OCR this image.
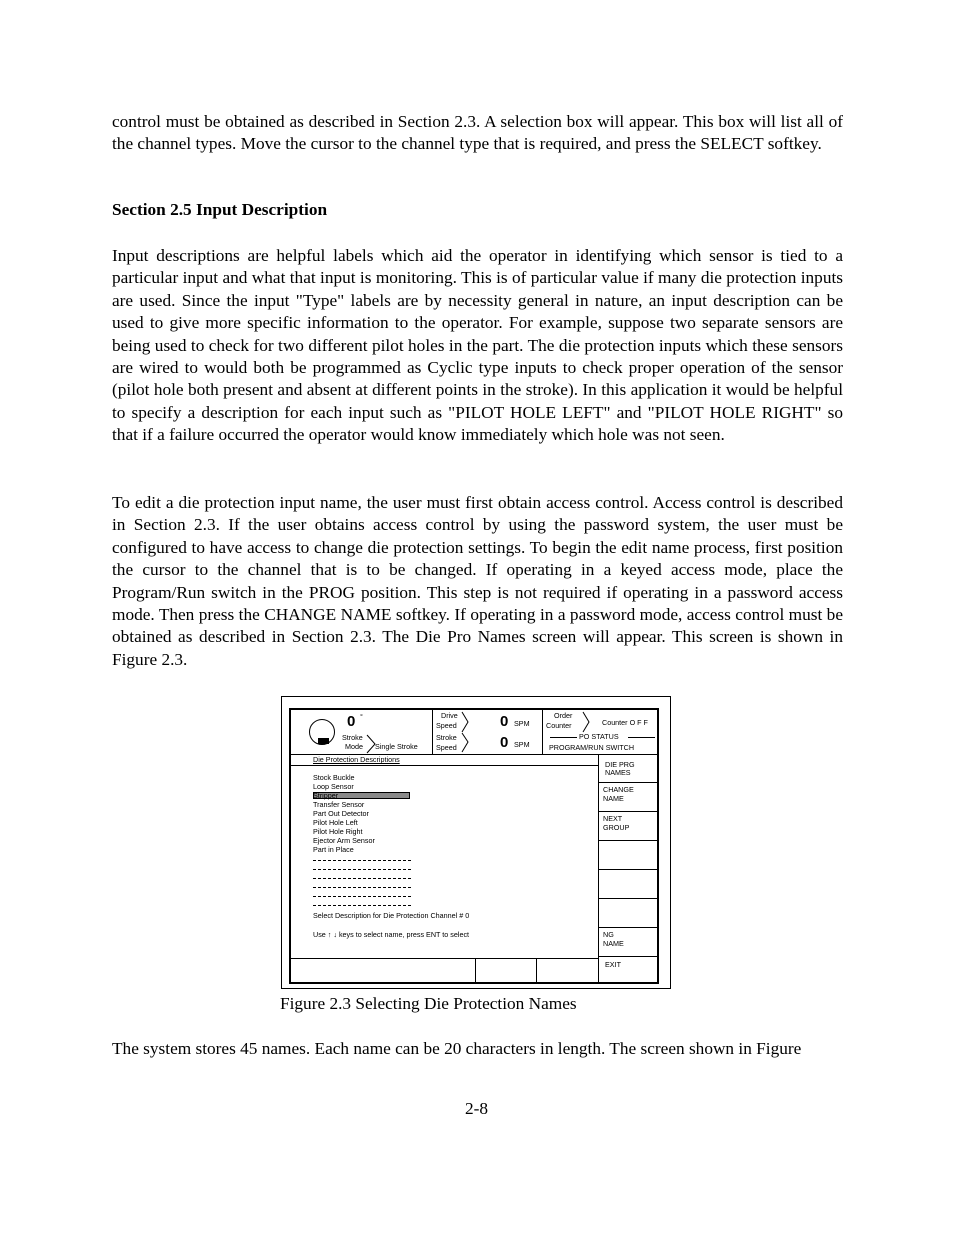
control must be obtained as described in Section 2.3. A selection box will appear. This box will list all of the channel types. Move the cursor to the channel type that is required, and press the SELECT softkey.

Section 2.5 Input Description

Input descriptions are helpful labels which aid the operator in identifying which sensor is tied to a particular input and what that input is monitoring. This is of particular value if many die protection inputs are used. Since the input "Type" labels are by necessity general in nature, an input description can be used to give more specific information to the operator. For example, suppose two separate sensors are being used to check for two different pilot holes in the part. The die protection inputs which these sensors are wired to would both be programmed as Cyclic type inputs to check proper operation of the sensor (pilot hole both present and absent at different points in the stroke). In this application it would be helpful to specify a description for each input such as "PILOT HOLE LEFT" and "PILOT HOLE RIGHT" so that if a failure occurred the operator would know immediately which hole was not seen.

To edit a die protection input name, the user must first obtain access control. Access control is described in Section 2.3. If the user obtains access control by using the password system, the user must be configured to have access to change die protection settings. To begin the edit name process, first position the cursor to the channel that is to be changed. If operating in a keyed access mode, place the Program/Run switch in the PROG position. This step is not required if operating in a password access mode. Then press the CHANGE NAME softkey. If operating in a password mode, access control must be obtained as described in Section 2.3. The Die Pro Names screen will appear. This screen is shown in Figure 2.3.

0 °
Stroke
Mode Single Stroke
Drive
Speed
Stroke
Speed
0 SPM
0 SPM
Order
Counter	Counter O F F
PO STATUS
PROGRAM/RUN SWITCH
Die Protection Descriptions
Stock Buckle
Loop Sensor
Stripper
Transfer Sensor
Part Out Detector
Pilot Hole Left
Pilot Hole Right
Ejector Arm Sensor
Part in Place
Select Description for Die Protection Channel # 0
Use ↑ ↓ keys to select name, press ENT to select
DIE PRG
NAMES
CHANGE
NAME
NEXT
GROUP
NG
NAME
EXIT

Figure 2.3 Selecting Die Protection Names

The system stores 45 names. Each name can be 20 characters in length. The screen shown in Figure

2-8
